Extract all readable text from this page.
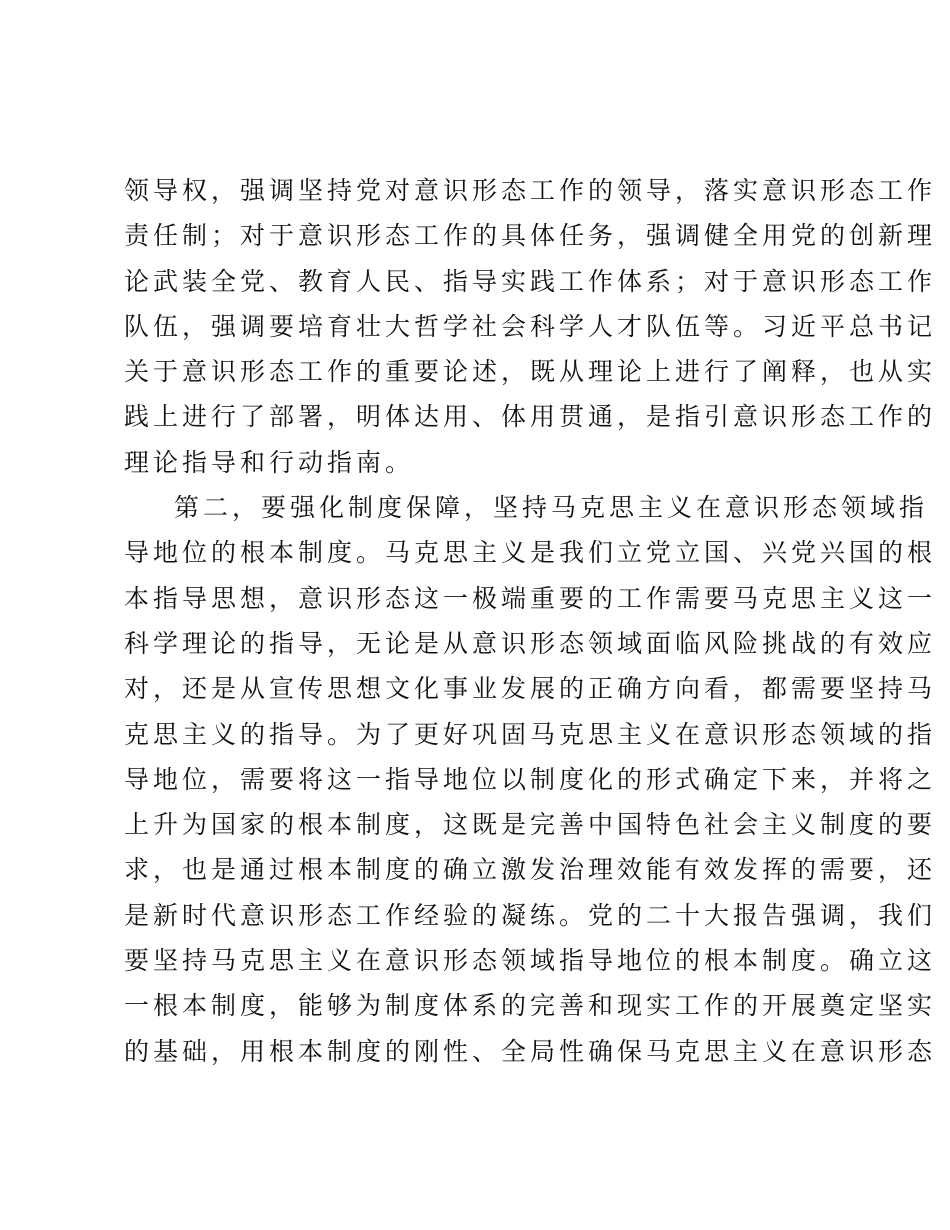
领导权，强调坚持党对意识形态工作的领导，落实意识形态工作
责任制；对于意识形态工作的具体任务，强调健全用党的创新理
论武装全党、教育人民、指导实践工作体系；对于意识形态工作
队伍，强调要培育壮大哲学社会科学人才队伍等。习近平总书记
关于意识形态工作的重要论述，既从理论上进行了阐释，也从实
践上进行了部署，明体达用、体用贯通，是指引意识形态工作的
理论指导和行动指南。
第二，要强化制度保障，坚持马克思主义在意识形态领域指
导地位的根本制度。马克思主义是我们立党立国、兴党兴国的根
本指导思想，意识形态这一极端重要的工作需要马克思主义这一
科学理论的指导，无论是从意识形态领域面临风险挑战的有效应
对，还是从宣传思想文化事业发展的正确方向看，都需要坚持马
克思主义的指导。为了更好巩固马克思主义在意识形态领域的指
导地位，需要将这一指导地位以制度化的形式确定下来，并将之
上升为国家的根本制度，这既是完善中国特色社会主义制度的要
求，也是通过根本制度的确立激发治理效能有效发挥的需要，还
是新时代意识形态工作经验的凝练。党的二十大报告强调，我们
要坚持马克思主义在意识形态领域指导地位的根本制度。确立这
一根本制度，能够为制度体系的完善和现实工作的开展奠定坚实
的基础，用根本制度的刚性、全局性确保马克思主义在意识形态
